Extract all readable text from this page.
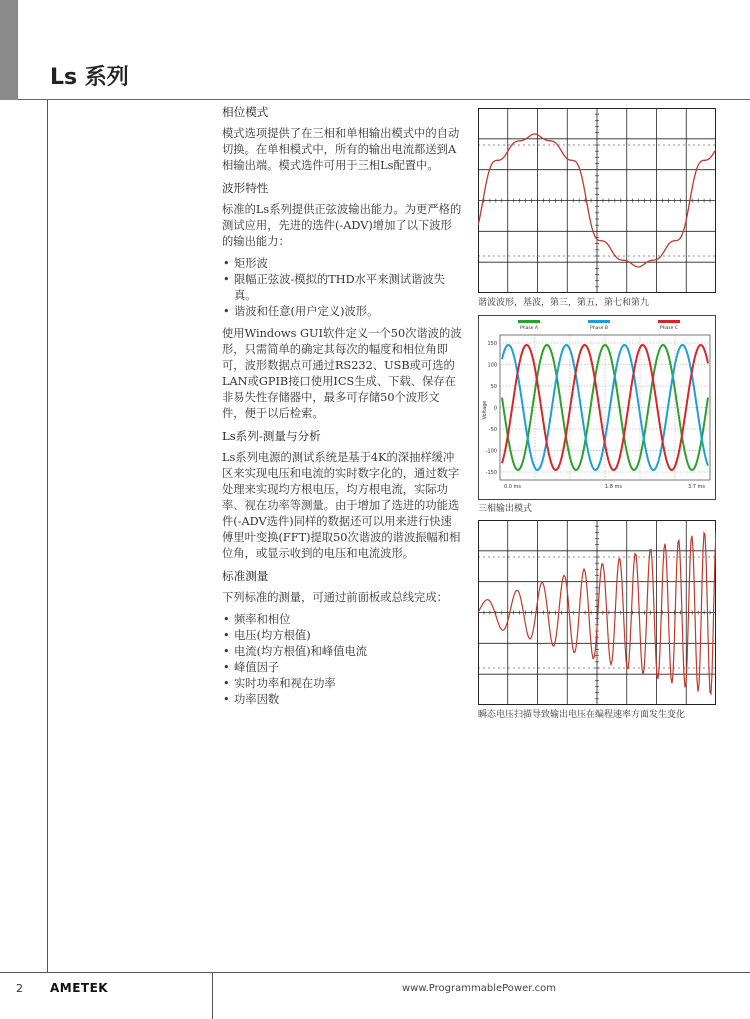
Ls 系列
相位模式

模式选项提供了在三相和单相输出模式中的自动切换。在单相模式中，所有的输出电流都送到A相输出端。模式选件可用于三相Ls配置中。

波形特性

标准的Ls系列提供正弦波输出能力。为更严格的测试应用，先进的选件(-ADV)增加了以下波形的输出能力：

• 矩形波
• 限幅正弦波-模拟的THD水平来测试谐波失真。
• 谐波和任意(用户定义)波形。

使用Windows GUI软件定义一个50次谐波的波形，只需简单的确定其每次的幅度和相位角即可，波形数据点可通过RS232、USB或可选的LAN或GPIB接口使用ICS生成、下载、保存在非易失性存储器中，最多可存储50个波形文件，便于以后检索。

Ls系列-测量与分析

Ls系列电源的测试系统是基于4K的深抽样缓冲区来实现电压和电流的实时数字化的，通过数字处理来实现均方根电压，均方根电流，实际功率、视在功率等测量。由于增加了选进的功能选件(-ADV选件)同样的数据还可以用来进行快速傅里叶变换(FFT)提取50次谐波的谐波振幅和相位角，或显示收到的电压和电流波形。

标准测量

下列标准的测量，可通过前面板或总线完成：

• 频率和相位
• 电压(均方根值)
• 电流(均方根值)和峰值电流
• 峰值因子
• 实时功率和视在功率
• 功率因数
谐波波形，基波，第三，第五，第七和第九
Phase A	Phase B	Phase C
150
100
50
0
-50
-100
-150
0.0 ms	1.8 ms	3.7 ms
Voltage
三相输出模式
瞬态电压扫描导致输出电压在编程速率方面发生变化
2 AMETEK	www.ProgrammablePower.com
